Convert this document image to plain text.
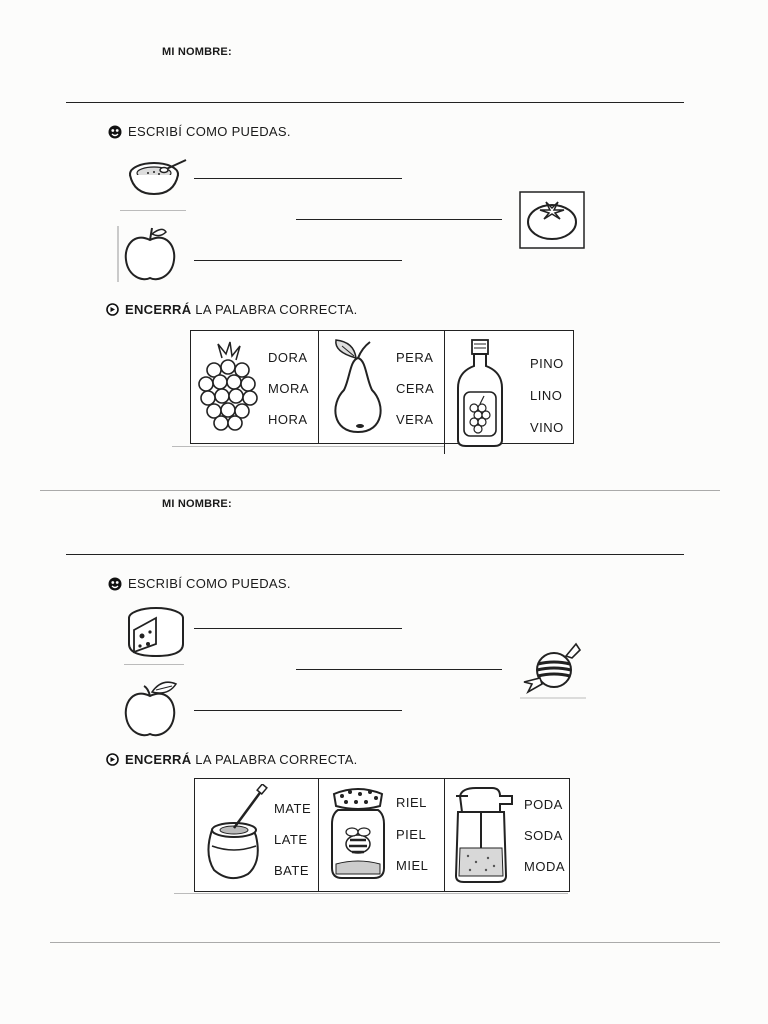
MI NOMBRE:
ESCRIBÍ COMO PUEDAS.
ENCERRÁ LA PALABRA CORRECTA.
DORA
MORA
HORA
PERA
CERA
VERA
PINO
LINO
VINO
MI NOMBRE:
ESCRIBÍ COMO PUEDAS.
ENCERRÁ LA PALABRA CORRECTA.
MATE
LATE
BATE
RIEL
PIEL
MIEL
PODA
SODA
MODA
